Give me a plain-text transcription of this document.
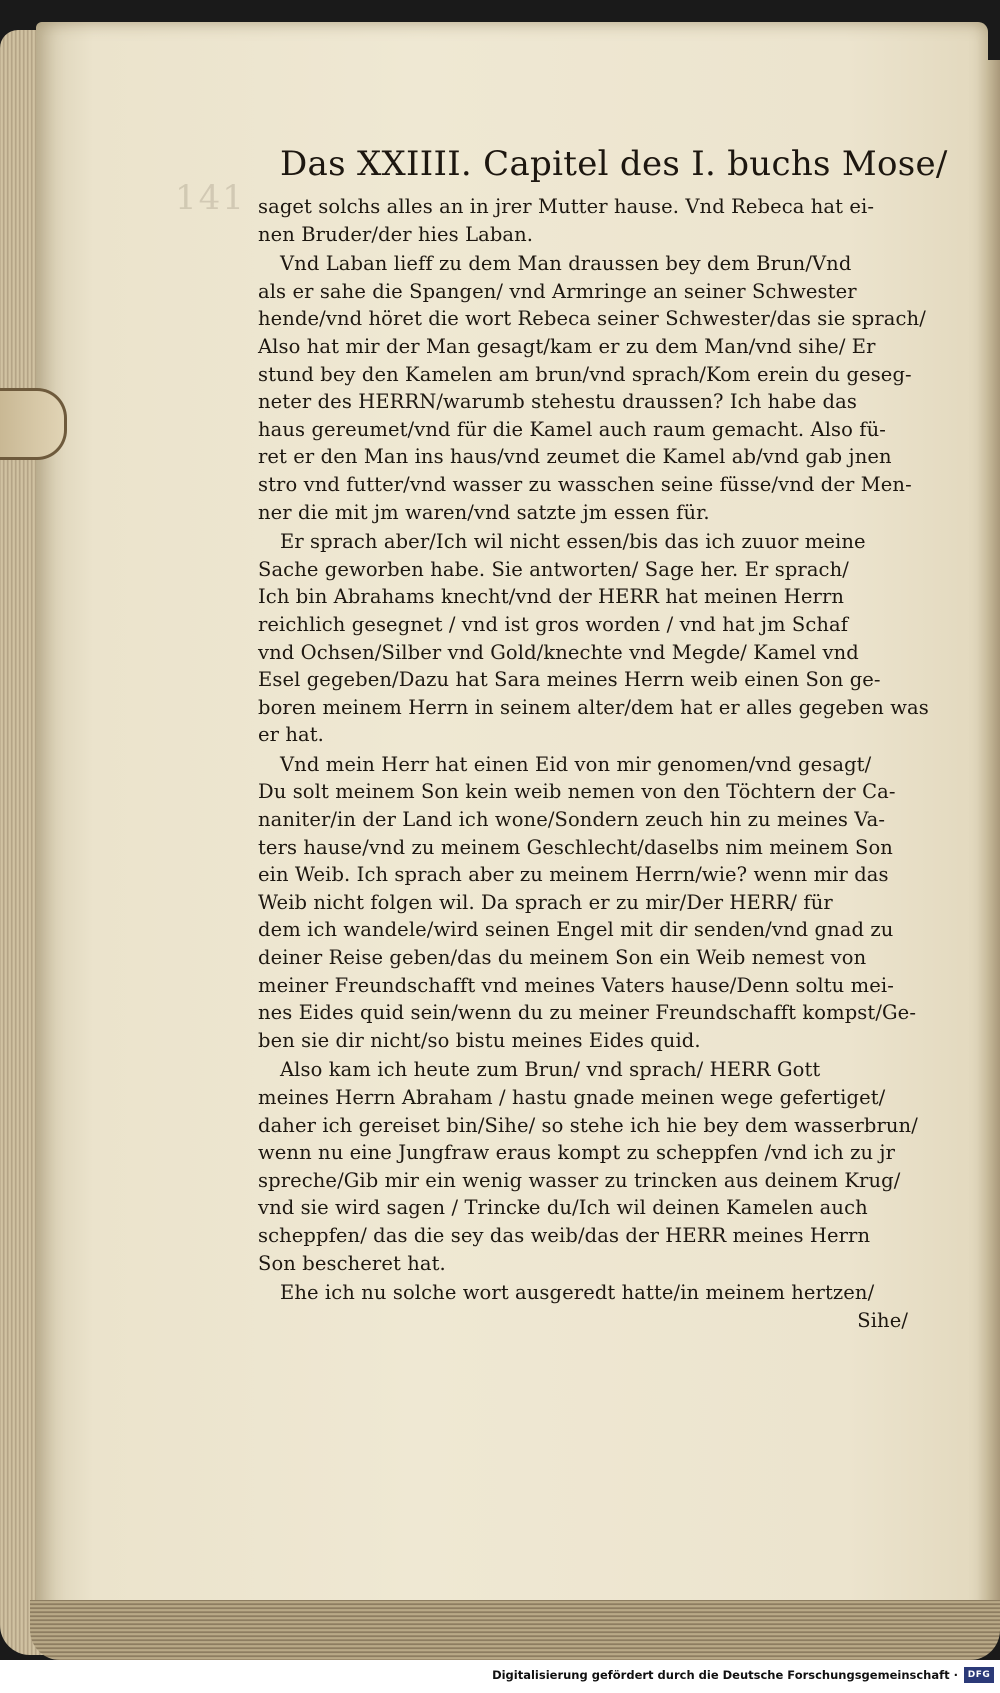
141
Das XXIIII. Capitel des I. buchs Mose/
saget solchs alles an in jrer Mutter hause. Vnd Rebeca hat ei-
nen Bruder/der hies Laban.
Vnd Laban lieff zu dem Man draussen bey dem Brun/Vnd
als er sahe die Spangen/ vnd Armringe an seiner Schwester
hende/vnd höret die wort Rebeca seiner Schwester/das sie sprach/
Also hat mir der Man gesagt/kam er zu dem Man/vnd sihe/ Er
stund bey den Kamelen am brun/vnd sprach/Kom erein du geseg-
neter des HERRN/warumb stehestu draussen? Ich habe das
haus gereumet/vnd für die Kamel auch raum gemacht. Also fü-
ret er den Man ins haus/vnd zeumet die Kamel ab/vnd gab jnen
stro vnd futter/vnd wasser zu wasschen seine füsse/vnd der Men-
ner die mit jm waren/vnd satzte jm essen für.
Er sprach aber/Ich wil nicht essen/bis das ich zuuor meine
Sache geworben habe. Sie antworten/ Sage her. Er sprach/
Ich bin Abrahams knecht/vnd der HERR hat meinen Herrn
reichlich gesegnet / vnd ist gros worden / vnd hat jm Schaf
vnd Ochsen/Silber vnd Gold/knechte vnd Megde/ Kamel vnd
Esel gegeben/Dazu hat Sara meines Herrn weib einen Son ge-
boren meinem Herrn in seinem alter/dem hat er alles gegeben was
er hat.
Vnd mein Herr hat einen Eid von mir genomen/vnd gesagt/
Du solt meinem Son kein weib nemen von den Töchtern der Ca-
naniter/in der Land ich wone/Sondern zeuch hin zu meines Va-
ters hause/vnd zu meinem Geschlecht/daselbs nim meinem Son
ein Weib. Ich sprach aber zu meinem Herrn/wie? wenn mir das
Weib nicht folgen wil. Da sprach er zu mir/Der HERR/ für
dem ich wandele/wird seinen Engel mit dir senden/vnd gnad zu
deiner Reise geben/das du meinem Son ein Weib nemest von
meiner Freundschafft vnd meines Vaters hause/Denn soltu mei-
nes Eides quid sein/wenn du zu meiner Freundschafft kompst/Ge-
ben sie dir nicht/so bistu meines Eides quid.
Also kam ich heute zum Brun/ vnd sprach/ HERR Gott
meines Herrn Abraham / hastu gnade meinen wege gefertiget/
daher ich gereiset bin/Sihe/ so stehe ich hie bey dem wasserbrun/
wenn nu eine Jungfraw eraus kompt zu scheppfen /vnd ich zu jr
spreche/Gib mir ein wenig wasser zu trincken aus deinem Krug/
vnd sie wird sagen / Trincke du/Ich wil deinen Kamelen auch
scheppfen/ das die sey das weib/das der HERR meines Herrn
Son bescheret hat.
Ehe ich nu solche wort ausgeredt hatte/in meinem hertzen/
Sihe/
Digitalisierung gefördert durch die Deutsche Forschungsgemeinschaft ·	DFG
